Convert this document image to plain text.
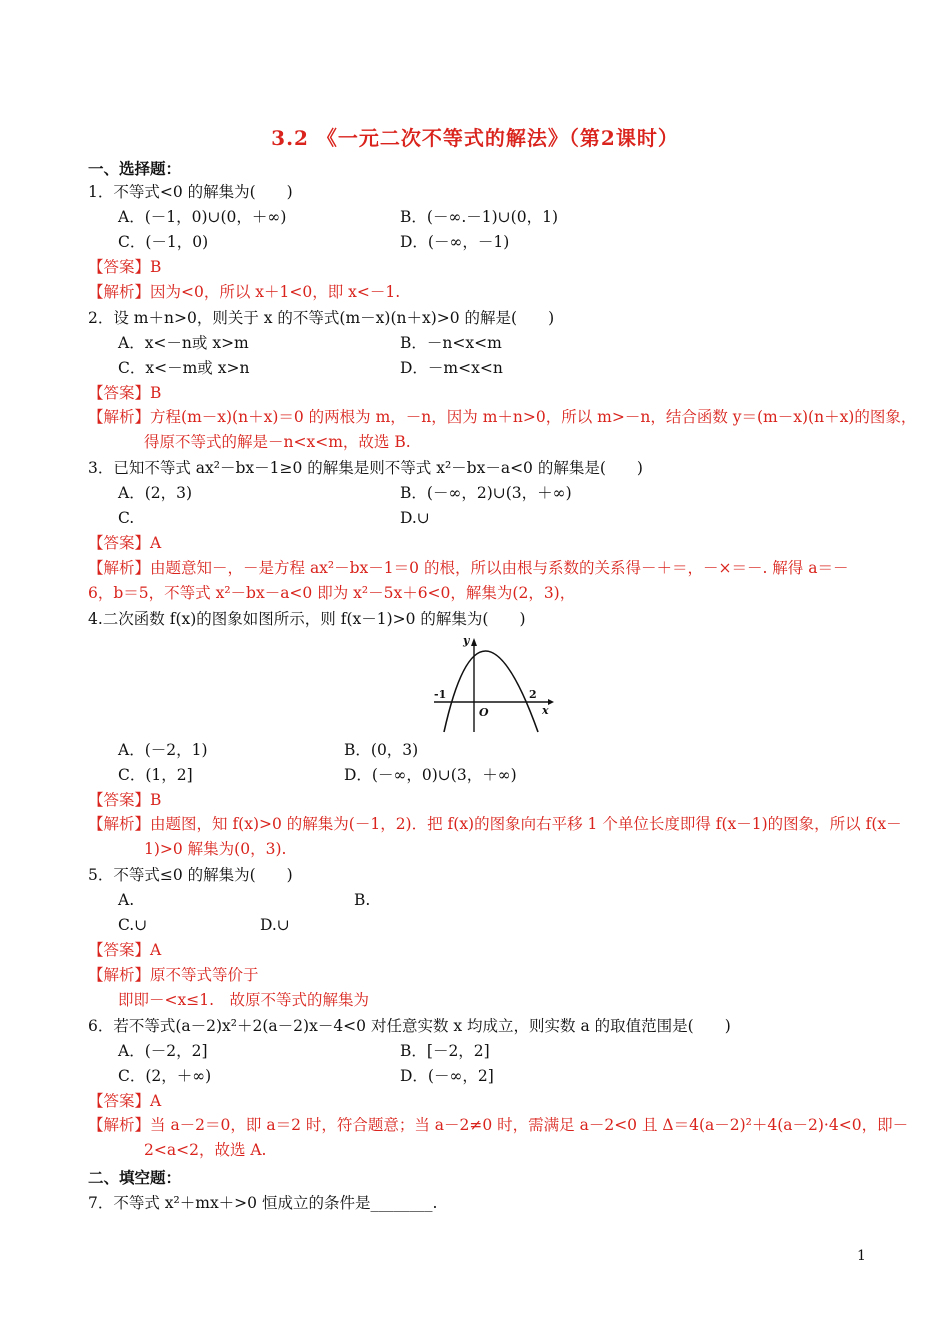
3.2 《一元二次不等式的解法》（第2课时）
一、选择题：
1．不等式<0 的解集为(　　)
A．(－1，0)∪(0，＋∞)	B．(－∞.－1)∪(0，1)
C．(－1，0)	D．(－∞，－1)
【答案】B
【解析】因为<0，所以 x＋1<0，即 x<－1.
2．设 m＋n>0，则关于 x 的不等式(m－x)(n＋x)>0 的解是(　　)
A．x<－n或 x>m	B．－n<x<m
C．x<－m或 x>n	D．－m<x<n
【答案】B
【解析】方程(m－x)(n＋x)＝0 的两根为 m，－n，因为 m＋n>0，所以 m>－n，结合函数 y＝(m－x)(n＋x)的图象，得原不等式的解是－n<x<m，故选 B.
3．已知不等式 ax²－bx－1≥0 的解集是则不等式 x²－bx－a<0 的解集是(　　)
A．(2，3)	B．(－∞，2)∪(3，＋∞)
C.	D.∪
【答案】A
【解析】由题意知－，－是方程 ax²－bx－1＝0 的根，所以由根与系数的关系得－＋＝，－×＝－. 解得 a＝－6，b＝5，不等式 x²－bx－a<0 即为 x²－5x＋6<0，解集为(2，3)，
4.二次函数 f(x)的图象如图所示，则 f(x－1)>0 的解集为(　　)
y
x
O
-1	2
A．(－2，1)	B．(0，3)
C．(1，2]	D．(－∞，0)∪(3，＋∞)
【答案】B
【解析】由题图，知 f(x)>0 的解集为(－1，2)．把 f(x)的图象向右平移 1 个单位长度即得 f(x－1)的图象，所以 f(x－1)>0 解集为(0，3).
5．不等式≤0 的解集为(　　)
A.	B.
C.∪	D.∪
【答案】A
【解析】原不等式等价于
即即－<x≤1.　故原不等式的解集为
6．若不等式(a－2)x²＋2(a－2)x－4<0 对任意实数 x 均成立，则实数 a 的取值范围是(　　)
A．(－2，2]	B．[－2，2]
C．(2，＋∞)	D．(－∞，2]
【答案】A
【解析】当 a－2＝0，即 a＝2 时，符合题意；当 a－2≠0 时，需满足 a－2<0 且 Δ＝4(a－2)²＋4(a－2)·4<0，即－2<a<2，故选 A.
二、填空题：
7．不等式 x²＋mx＋>0 恒成立的条件是________.
1
